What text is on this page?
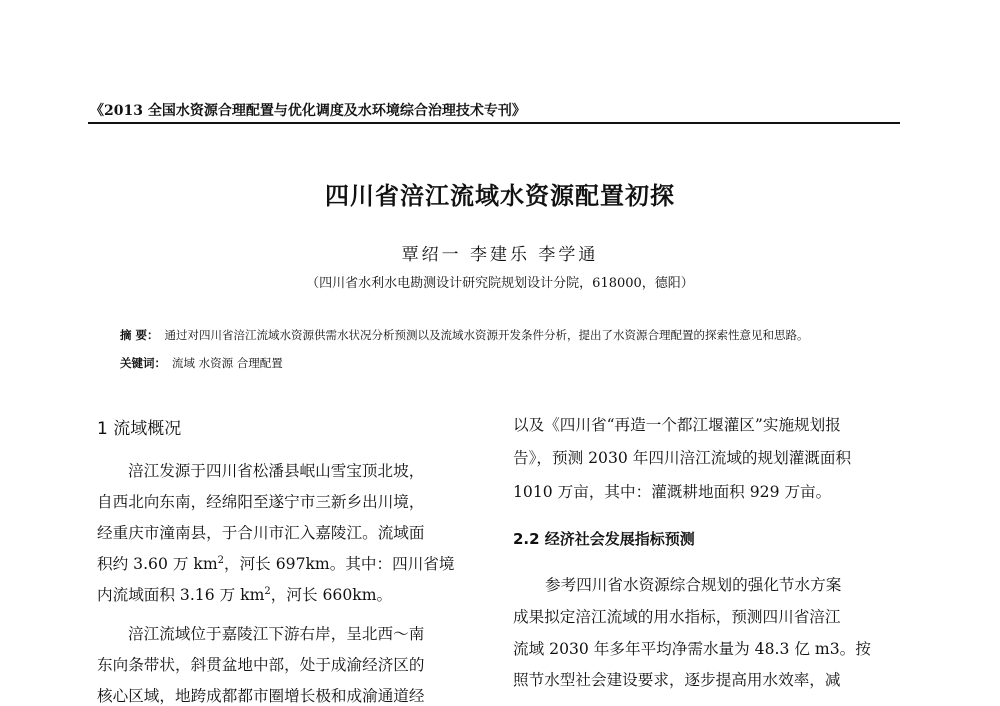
《2013 全国水资源合理配置与优化调度及水环境综合治理技术专刊》
四川省涪江流域水资源配置初探
覃绍一 李建乐 李学通
（四川省水利水电勘测设计研究院规划设计分院，618000，德阳）
摘 要： 通过对四川省涪江流域水资源供需水状况分析预测以及流域水资源开发条件分析，提出了水资源合理配置的探索性意见和思路。
关键词： 流域 水资源 合理配置
1 流域概况
涪江发源于四川省松潘县岷山雪宝顶北坡，
自西北向东南，经绵阳至遂宁市三新乡出川境，
经重庆市潼南县，于合川市汇入嘉陵江。流域面
积约 3.60 万 $km^2$，河长 697km。其中：四川省境
内流域面积 3.16 万 $km^2$，河长 660km。
涪江流域位于嘉陵江下游右岸，呈北西～南
东向条带状，斜贯盆地中部，处于成渝经济区的
核心区域，地跨成都都市圈增长极和成渝通道经
以及《四川省“再造一个都江堰灌区”实施规划报
告》，预测 2030 年四川涪江流域的规划灌溉面积
1010 万亩，其中：灌溉耕地面积 929 万亩。
2.2 经济社会发展指标预测
参考四川省水资源综合规划的强化节水方案
成果拟定涪江流域的用水指标，预测四川省涪江
流域 2030 年多年平均净需水量为 48.3 亿 m3。按
照节水型社会建设要求，逐步提高用水效率，减
